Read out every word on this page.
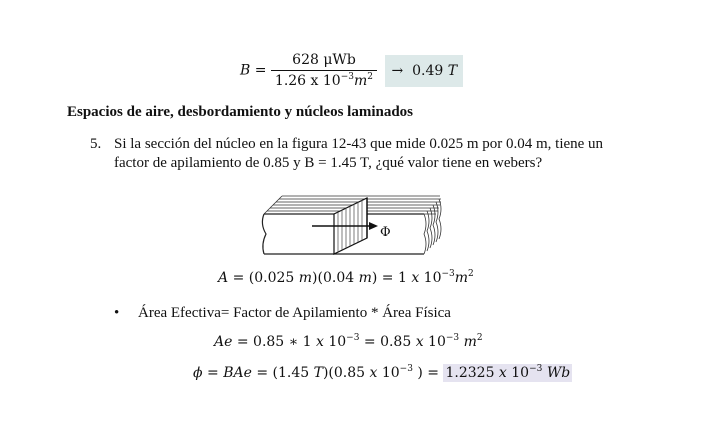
$B = \frac{\text{628 μWb}}{1.26 x 10^{-3}m^2} \to 0.49$ T
Espacios de aire, desbordamiento y núcleos laminados
5. Si la sección del núcleo en la figura 12-43 que mide 0.025 m por 0.04 m, tiene un
factor de apilamiento de 0.85 y B = 1.45 T, ¿qué valor tiene en webers?
Φ
A = (0.025 m)(0.04 m) = 1 x $10^{-3}m^2$
• Área Efectiva= Factor de Apilamiento * Área Física
Ae = 0.85 ∗ 1 x $10^{-3} = 0.85$ x $10^{-3}$ $m^2$
ϕ = BAe = (1.45 T)(0.85 x $10^{-3}$ ) = 1.2325 x $10^{-3}$ Wb
